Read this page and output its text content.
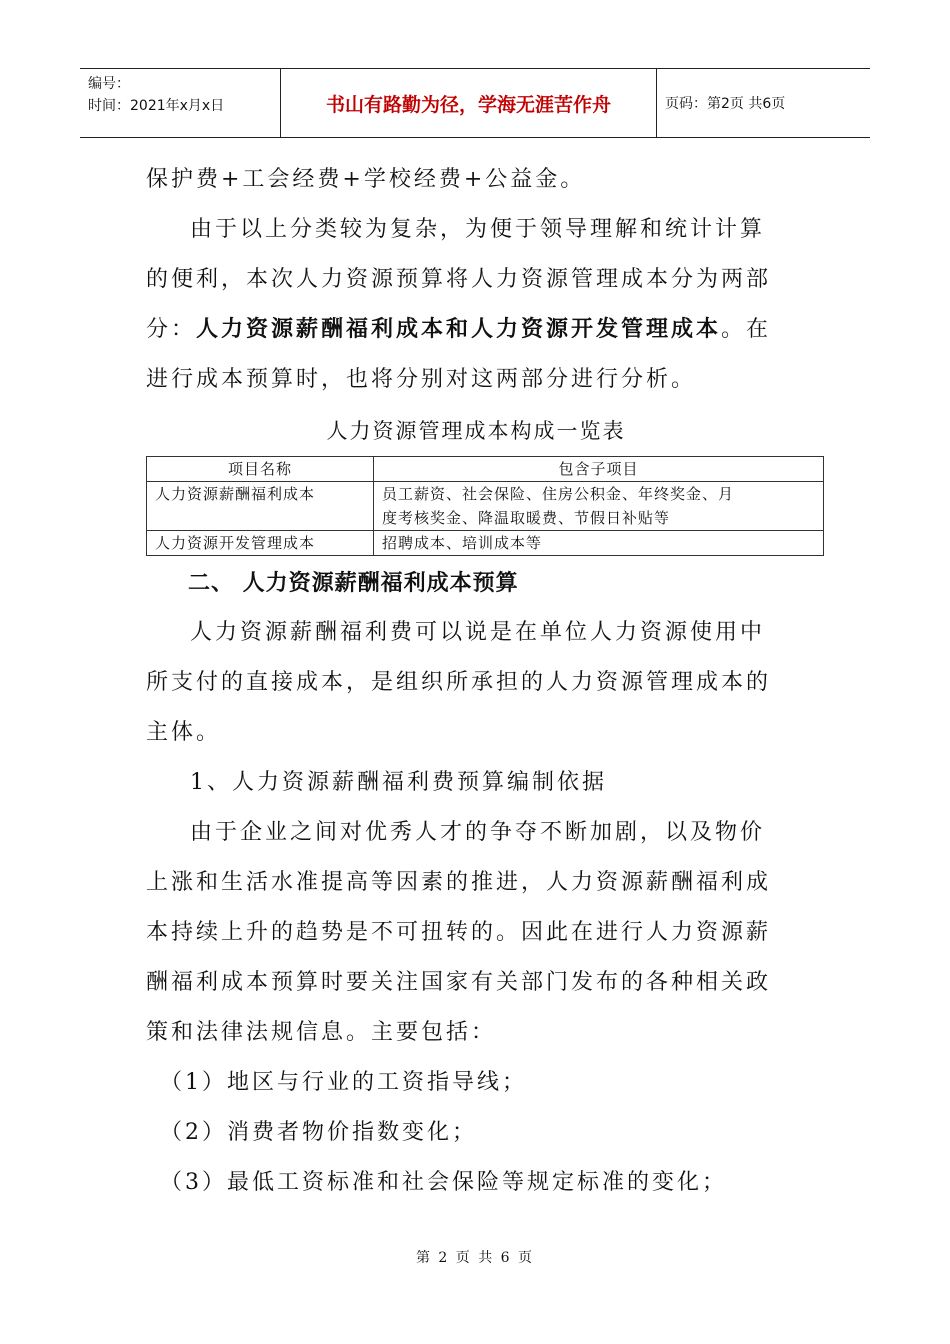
编号：
时间：2021年x月x日	书山有路勤为径，学海无涯苦作舟	页码：第2页 共6页

保护费+工会经费+学校经费+公益金。

由于以上分类较为复杂，为便于领导理解和统计计算

的便利，本次人力资源预算将人力资源管理成本分为两部

分：人力资源薪酬福利成本和人力资源开发管理成本。在

进行成本预算时，也将分别对这两部分进行分析。

人力资源管理成本构成一览表
项目名称	包含子项目
人力资源薪酬福利成本	员工薪资、社会保险、住房公积金、年终奖金、月
度考核奖金、降温取暖费、节假日补贴等

人力资源开发管理成本	招聘成本、培训成本等
二、 人力资源薪酬福利成本预算

人力资源薪酬福利费可以说是在单位人力资源使用中

所支付的直接成本，是组织所承担的人力资源管理成本的

主体。

1、人力资源薪酬福利费预算编制依据

由于企业之间对优秀人才的争夺不断加剧，以及物价

上涨和生活水准提高等因素的推进，人力资源薪酬福利成

本持续上升的趋势是不可扭转的。因此在进行人力资源薪

酬福利成本预算时要关注国家有关部门发布的各种相关政

策和法律法规信息。主要包括：

（1）地区与行业的工资指导线；

（2）消费者物价指数变化；

（3）最低工资标准和社会保险等规定标准的变化；

第 2 页 共 6 页
